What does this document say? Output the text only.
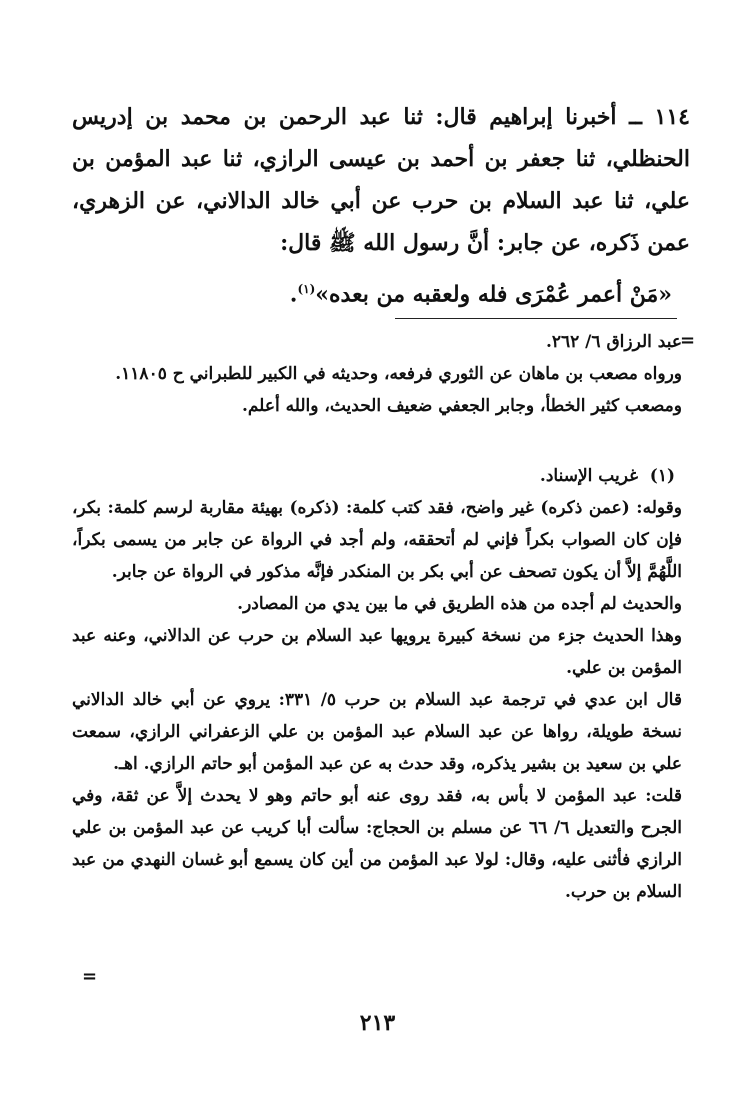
١١٤ ــ أخبرنا إبراهيم قال: ثنا عبد الرحمن بن محمد بن إدريس الحنظلي، ثنا جعفر بن أحمد بن عيسى الرازي، ثنا عبد المؤمن بن علي، ثنا عبد السلام بن حرب عن أبي خالد الدالاني، عن الزهري، عمن ذَكره، عن جابر: أنَّ رسول الله ﷺ قال:

«مَنْ أعمر عُمْرَى فله ولعقبه من بعده»$^{(١)}$.

=

عبد الرزاق ٦/ ٢٦٢.

ورواه مصعب بن ماهان عن الثوري فرفعه، وحديثه في الكبير للطبراني ح ١١٨٠٥.

ومصعب كثير الخطأ، وجابر الجعفي ضعيف الحديث، والله أعلم.

(١)

غريب الإسناد.

وقوله: (عمن ذكره) غير واضح، فقد كتب كلمة: (ذكره) بهيئة مقاربة لرسم كلمة: بكر، فإن كان الصواب بكراً فإني لم أتحققه، ولم أجد في الرواة عن جابر من يسمى بكراً، اللَّهُمَّ إلاَّ أن يكون تصحف عن أبي بكر بن المنكدر فإنَّه مذكور في الرواة عن جابر.

والحديث لم أجده من هذه الطريق في ما بين يدي من المصادر.

وهذا الحديث جزء من نسخة كبيرة يرويها عبد السلام بن حرب عن الدالاني، وعنه عبد المؤمن بن علي.

قال ابن عدي في ترجمة عبد السلام بن حرب ٥/ ٣٣١: يروي عن أبي خالد الدالاني نسخة طويلة، رواها عن عبد السلام عبد المؤمن بن علي الزعفراني الرازي، سمعت علي بن سعيد بن بشير يذكره، وقد حدث به عن عبد المؤمن أبو حاتم الرازي. اهـ.

قلت: عبد المؤمن لا بأس به، فقد روى عنه أبو حاتم وهو لا يحدث إلاَّ عن ثقة، وفي الجرح والتعديل ٦/ ٦٦ عن مسلم بن الحجاج: سألت أبا كريب عن عبد المؤمن بن علي الرازي فأثنى عليه، وقال: لولا عبد المؤمن من أين كان يسمع أبو غسان النهدي من عبد السلام بن حرب.

=
٢١٣
